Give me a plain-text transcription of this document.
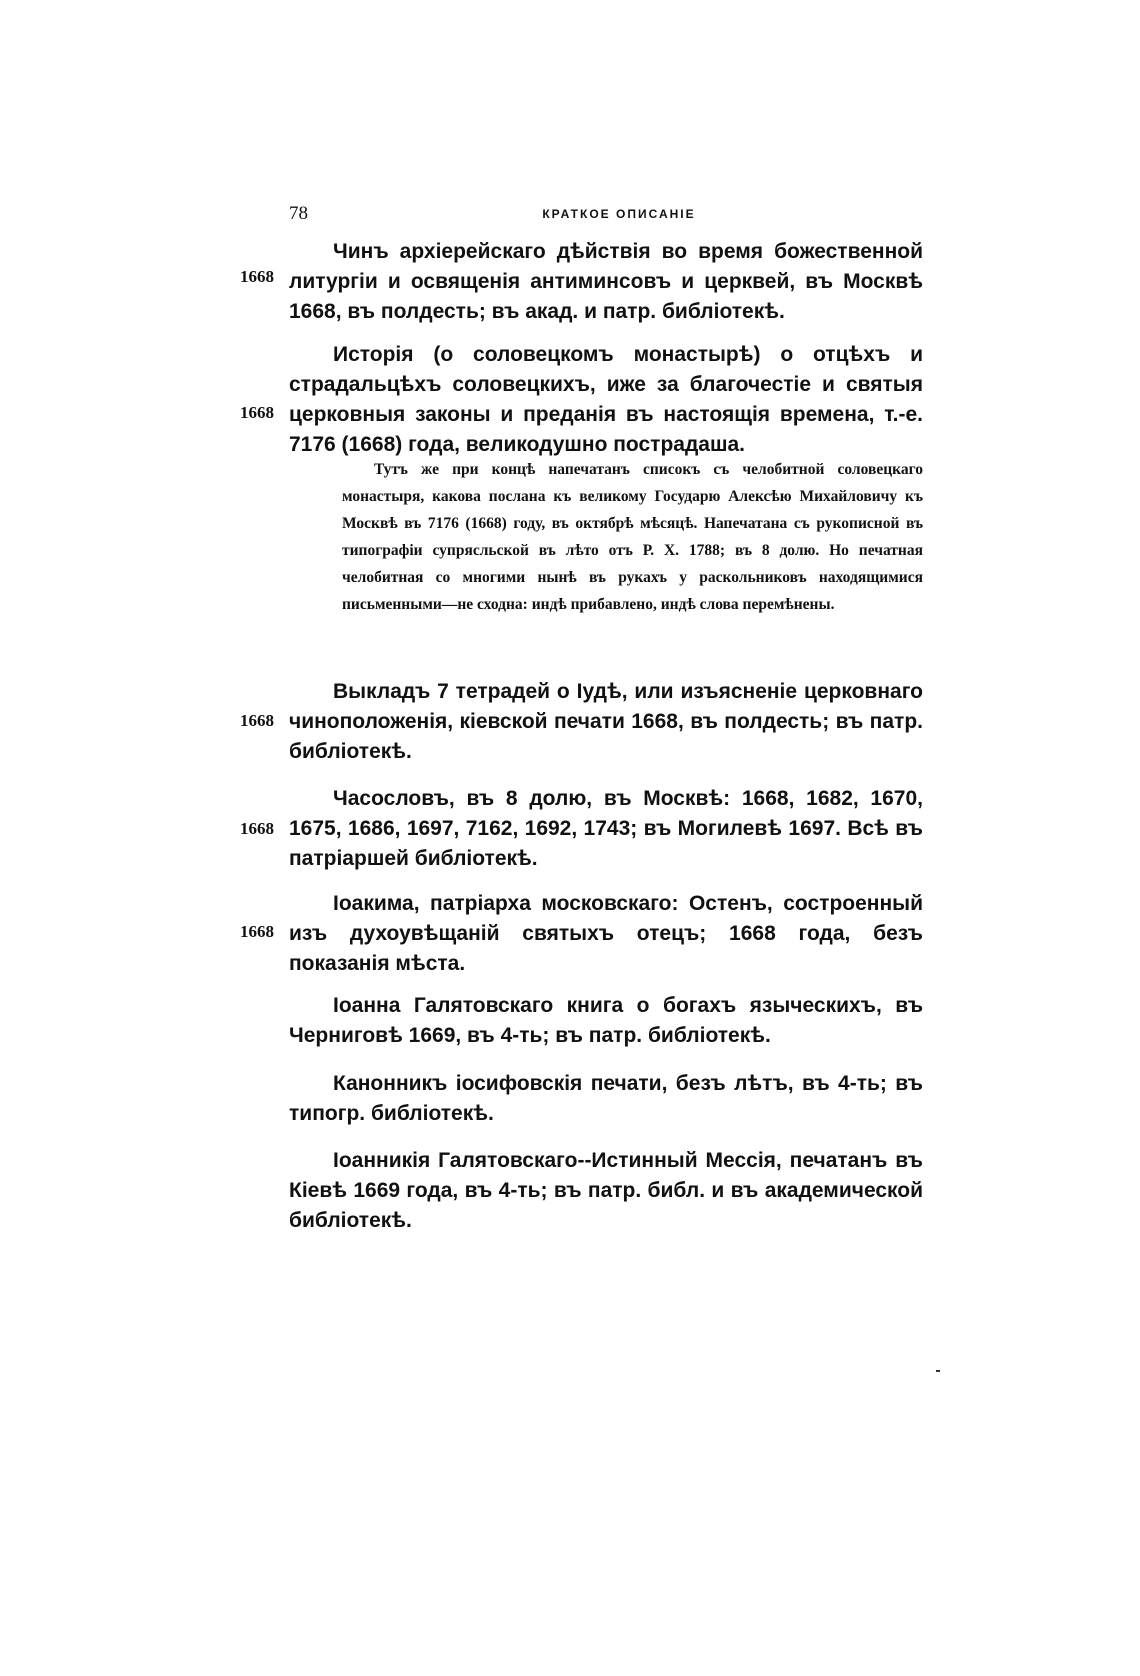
78	КРАТКОЕ ОПИСАНІЕ
1668

Чинъ архіерейскаго дѣйствія во время божественной литургіи и освященія антиминсовъ и церквей, въ Москвѣ 1668, въ полдесть; въ акад. и патр. библіотекѣ.

1668

Исторія (о соловецкомъ монастырѣ) о отцѣхъ и страдальцѣхъ соловецкихъ, иже за благочестіе и святыя церковныя законы и преданія въ настоящія времена, т.-е. 7176 (1668) года, великодушно пострадаша.

Тутъ же при концѣ напечатанъ списокъ съ челобитной соловецкаго монастыря, какова послана къ великому Государю Алексѣю Михайловичу къ Москвѣ въ 7176 (1668) году, въ октябрѣ мѣсяцѣ. Напечатана съ рукописной въ типографіи супрясльской въ лѣто отъ Р. Х. 1788; въ 8 долю. Но печатная челобитная со многими нынѣ въ рукахъ у раскольниковъ находящимися письменными—не сходна: индѣ прибавлено, индѣ слова перемѣнены.

1668

Выкладъ 7 тетрадей о Іудѣ, или изъясненіе церковнаго чиноположенія, кіевской печати 1668, въ полдесть; въ патр. библіотекѣ.

1668

Часословъ, въ 8 долю, въ Москвѣ: 1668, 1682, 1670, 1675, 1686, 1697, 7162, 1692, 1743; въ Могилевѣ 1697. Всѣ въ патріаршей библіотекѣ.

1668

Іоакима, патріарха московскаго: Остенъ, состроенный изъ духоувѣщаній святыхъ отецъ; 1668 года, безъ показанія мѣста.

Іоанна Галятовскаго книга о богахъ языческихъ, въ Черниговѣ 1669, въ 4-ть; въ патр. библіотекѣ.

Канонникъ іосифовскія печати, безъ лѣтъ, въ 4-ть; въ типогр. библіотекѣ.

Іоанникія Галятовскаго--Истинный Мессія, печатанъ въ Кіевѣ 1669 года, въ 4-ть; въ патр. библ. и въ академической библіотекѣ.
